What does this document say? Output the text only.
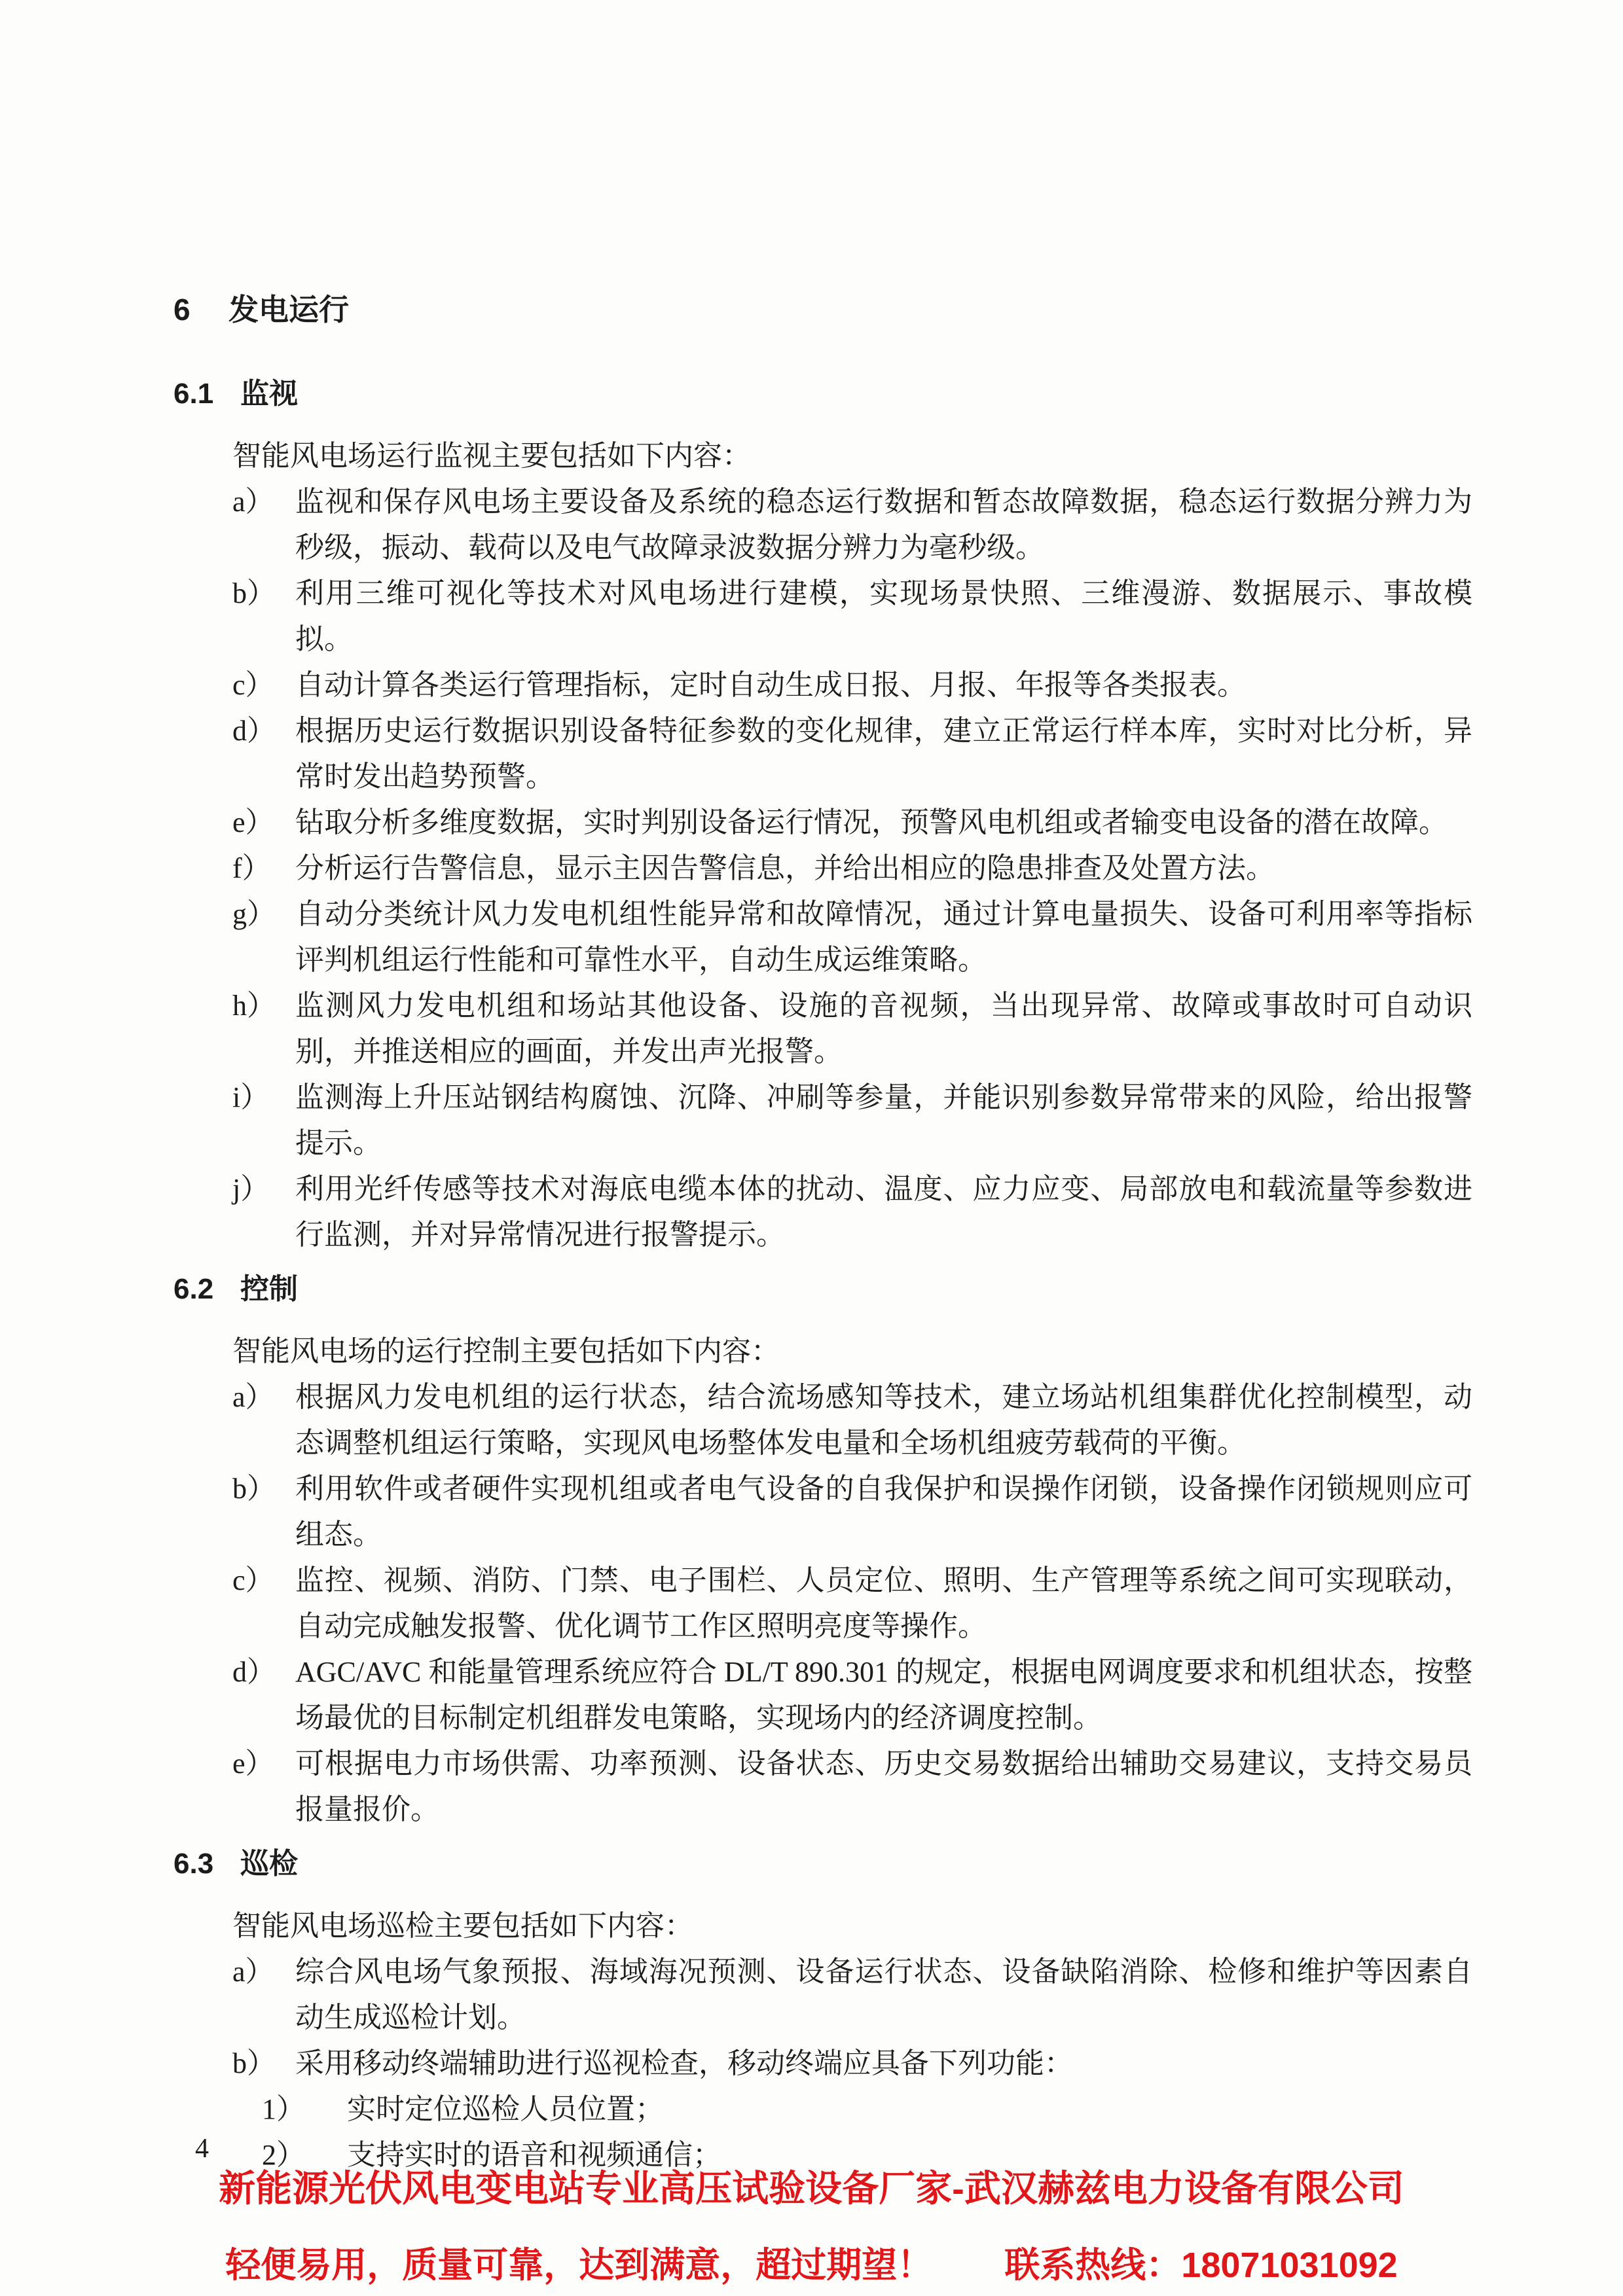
6 发电运行
6.1 监视
智能风电场运行监视主要包括如下内容：
a） 监视和保存风电场主要设备及系统的稳态运行数据和暂态故障数据，稳态运行数据分辨力为秒级，振动、载荷以及电气故障录波数据分辨力为毫秒级。
b） 利用三维可视化等技术对风电场进行建模，实现场景快照、三维漫游、数据展示、事故模拟。
c） 自动计算各类运行管理指标，定时自动生成日报、月报、年报等各类报表。
d） 根据历史运行数据识别设备特征参数的变化规律，建立正常运行样本库，实时对比分析，异常时发出趋势预警。
e） 钻取分析多维度数据，实时判别设备运行情况，预警风电机组或者输变电设备的潜在故障。
f） 分析运行告警信息，显示主因告警信息，并给出相应的隐患排查及处置方法。
g） 自动分类统计风力发电机组性能异常和故障情况，通过计算电量损失、设备可利用率等指标评判机组运行性能和可靠性水平，自动生成运维策略。
h） 监测风力发电机组和场站其他设备、设施的音视频，当出现异常、故障或事故时可自动识别，并推送相应的画面，并发出声光报警。
i） 监测海上升压站钢结构腐蚀、沉降、冲刷等参量，并能识别参数异常带来的风险，给出报警提示。
j） 利用光纤传感等技术对海底电缆本体的扰动、温度、应力应变、局部放电和载流量等参数进行监测，并对异常情况进行报警提示。
6.2 控制
智能风电场的运行控制主要包括如下内容：
a） 根据风力发电机组的运行状态，结合流场感知等技术，建立场站机组集群优化控制模型，动态调整机组运行策略，实现风电场整体发电量和全场机组疲劳载荷的平衡。
b） 利用软件或者硬件实现机组或者电气设备的自我保护和误操作闭锁，设备操作闭锁规则应可组态。
c） 监控、视频、消防、门禁、电子围栏、人员定位、照明、生产管理等系统之间可实现联动，自动完成触发报警、优化调节工作区照明亮度等操作。
d） AGC/AVC 和能量管理系统应符合 DL/T 890.301 的规定，根据电网调度要求和机组状态，按整场最优的目标制定机组群发电策略，实现场内的经济调度控制。
e） 可根据电力市场供需、功率预测、设备状态、历史交易数据给出辅助交易建议，支持交易员报量报价。
6.3 巡检
智能风电场巡检主要包括如下内容：
a） 综合风电场气象预报、海域海况预测、设备运行状态、设备缺陷消除、检修和维护等因素自动生成巡检计划。
b） 采用移动终端辅助进行巡视检查，移动终端应具备下列功能：
1）	实时定位巡检人员位置；
2）	支持实时的语音和视频通信；
4
新能源光伏风电变电站专业高压试验设备厂家-武汉赫兹电力设备有限公司
轻便易用，质量可靠，达到满意，超过期望！ 联系热线：18071031092
